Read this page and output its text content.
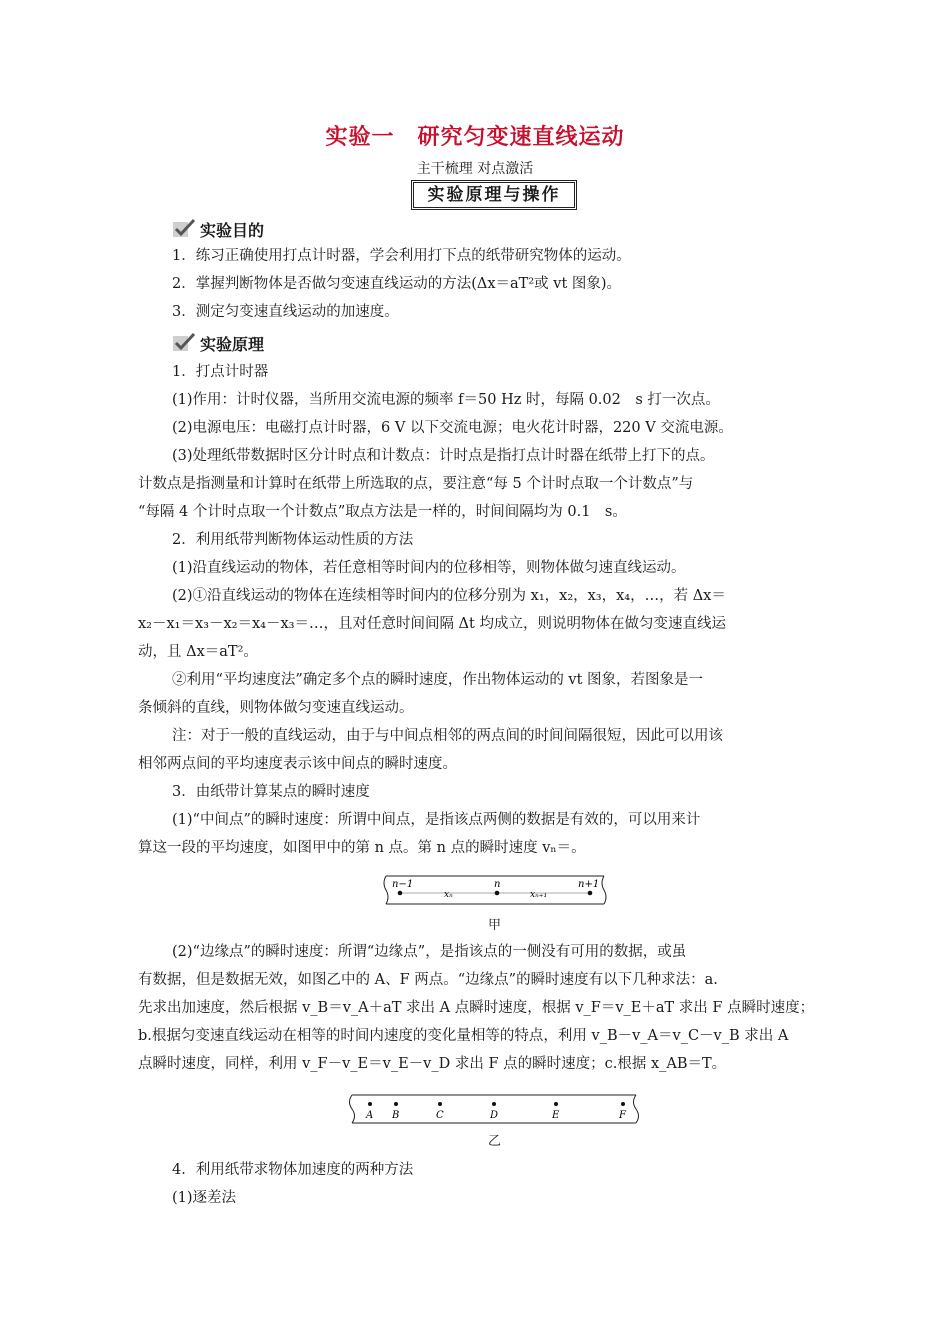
实验一　研究匀变速直线运动
主干梳理 对点激活
实验原理与操作
实验目的
1．练习正确使用打点计时器，学会利用打下点的纸带研究物体的运动。
2．掌握判断物体是否做匀变速直线运动的方法(Δx＝aT²或 vt 图象)。
3．测定匀变速直线运动的加速度。
实验原理
1．打点计时器
(1)作用：计时仪器，当所用交流电源的频率 f＝50 Hz 时，每隔 0.02　s 打一次点。
(2)电源电压：电磁打点计时器，6 V 以下交流电源；电火花计时器，220 V 交流电源。
(3)处理纸带数据时区分计时点和计数点：计时点是指打点计时器在纸带上打下的点。
计数点是指测量和计算时在纸带上所选取的点，要注意“每 5 个计时点取一个计数点”与
“每隔 4 个计时点取一个计数点”取点方法是一样的，时间间隔均为 0.1　s。
2．利用纸带判断物体运动性质的方法
(1)沿直线运动的物体，若任意相等时间内的位移相等，则物体做匀速直线运动。
(2)①沿直线运动的物体在连续相等时间内的位移分别为 x₁，x₂，x₃，x₄，…，若 Δx＝
x₂－x₁＝x₃－x₂＝x₄－x₃＝…，且对任意时间间隔 Δt 均成立，则说明物体在做匀变速直线运
动，且 Δx＝aT²。
②利用“平均速度法”确定多个点的瞬时速度，作出物体运动的 vt 图象，若图象是一
条倾斜的直线，则物体做匀变速直线运动。
注：对于一般的直线运动，由于与中间点相邻的两点间的时间间隔很短，因此可以用该
相邻两点间的平均速度表示该中间点的瞬时速度。
3．由纸带计算某点的瞬时速度
(1)“中间点”的瞬时速度：所谓中间点，是指该点两侧的数据是有效的，可以用来计
算这一段的平均速度，如图甲中的第 n 点。第 n 点的瞬时速度 vₙ＝。
n−1	n	n+1
xₙ	xₙ₊₁
甲
(2)“边缘点”的瞬时速度：所谓“边缘点”，是指该点的一侧没有可用的数据，或虽
有数据，但是数据无效，如图乙中的 A、F 两点。“边缘点”的瞬时速度有以下几种求法：a.
先求出加速度，然后根据 v_B＝v_A＋aT 求出 A 点瞬时速度，根据 v_F＝v_E＋aT 求出 F 点瞬时速度；
b.根据匀变速直线运动在相等的时间内速度的变化量相等的特点，利用 v_B－v_A＝v_C－v_B 求出 A
点瞬时速度，同样，利用 v_F－v_E＝v_E－v_D 求出 F 点的瞬时速度；c.根据 x_AB＝T。
A B	C	D	E	F
乙
4．利用纸带求物体加速度的两种方法
(1)逐差法
